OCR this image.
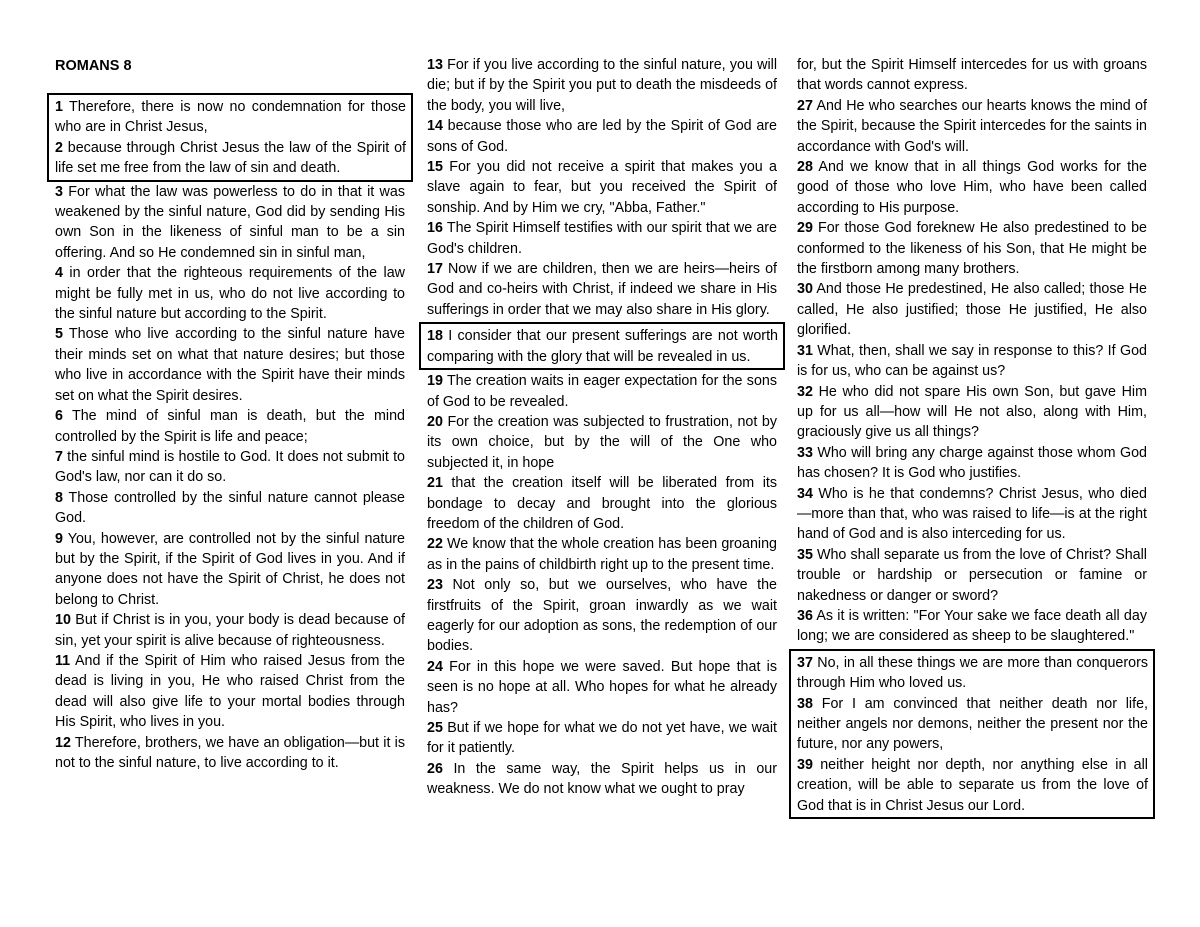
ROMANS 8

1 Therefore, there is now no condemnation for those who are in Christ Jesus,

2 because through Christ Jesus the law of the Spirit of life set me free from the law of sin and death.

3 For what the law was powerless to do in that it was weakened by the sinful nature, God did by sending His own Son in the likeness of sinful man to be a sin offering. And so He condemned sin in sinful man,

4 in order that the righteous requirements of the law might be fully met in us, who do not live according to the sinful nature but according to the Spirit.

5 Those who live according to the sinful nature have their minds set on what that nature desires; but those who live in accordance with the Spirit have their minds set on what the Spirit desires.

6 The mind of sinful man is death, but the mind controlled by the Spirit is life and peace;

7 the sinful mind is hostile to God. It does not submit to God's law, nor can it do so.

8 Those controlled by the sinful nature cannot please God.

9 You, however, are controlled not by the sinful nature but by the Spirit, if the Spirit of God lives in you. And if anyone does not have the Spirit of Christ, he does not belong to Christ.

10 But if Christ is in you, your body is dead because of sin, yet your spirit is alive because of righteousness.

11 And if the Spirit of Him who raised Jesus from the dead is living in you, He who raised Christ from the dead will also give life to your mortal bodies through His Spirit, who lives in you.

12 Therefore, brothers, we have an obligation—but it is not to the sinful nature, to live according to it.

13 For if you live according to the sinful nature, you will die; but if by the Spirit you put to death the misdeeds of the body, you will live,

14 because those who are led by the Spirit of God are sons of God.

15 For you did not receive a spirit that makes you a slave again to fear, but you received the Spirit of sonship. And by Him we cry, "Abba, Father."

16 The Spirit Himself testifies with our spirit that we are God's children.

17 Now if we are children, then we are heirs—heirs of God and co-heirs with Christ, if indeed we share in His sufferings in order that we may also share in His glory.

18 I consider that our present sufferings are not worth comparing with the glory that will be revealed in us.

19 The creation waits in eager expectation for the sons of God to be revealed.

20 For the creation was subjected to frustration, not by its own choice, but by the will of the One who subjected it, in hope

21 that the creation itself will be liberated from its bondage to decay and brought into the glorious freedom of the children of God.

22 We know that the whole creation has been groaning as in the pains of childbirth right up to the present time.

23 Not only so, but we ourselves, who have the firstfruits of the Spirit, groan inwardly as we wait eagerly for our adoption as sons, the redemption of our bodies.

24 For in this hope we were saved. But hope that is seen is no hope at all. Who hopes for what he already has?

25 But if we hope for what we do not yet have, we wait for it patiently.

26 In the same way, the Spirit helps us in our weakness. We do not know what we ought to pray

for, but the Spirit Himself intercedes for us with groans that words cannot express.

27 And He who searches our hearts knows the mind of the Spirit, because the Spirit intercedes for the saints in accordance with God's will.

28 And we know that in all things God works for the good of those who love Him, who have been called according to His purpose.

29 For those God foreknew He also predestined to be conformed to the likeness of his Son, that He might be the firstborn among many brothers.

30 And those He predestined, He also called; those He called, He also justified; those He justified, He also glorified.

31 What, then, shall we say in response to this? If God is for us, who can be against us?

32 He who did not spare His own Son, but gave Him up for us all—how will He not also, along with Him, graciously give us all things?

33 Who will bring any charge against those whom God has chosen? It is God who justifies.

34 Who is he that condemns? Christ Jesus, who died—more than that, who was raised to life—is at the right hand of God and is also interceding for us.

35 Who shall separate us from the love of Christ? Shall trouble or hardship or persecution or famine or nakedness or danger or sword?

36 As it is written: "For Your sake we face death all day long; we are considered as sheep to be slaughtered."

37 No, in all these things we are more than conquerors through Him who loved us.

38 For I am convinced that neither death nor life, neither angels nor demons, neither the present nor the future, nor any powers,

39 neither height nor depth, nor anything else in all creation, will be able to separate us from the love of God that is in Christ Jesus our Lord.
